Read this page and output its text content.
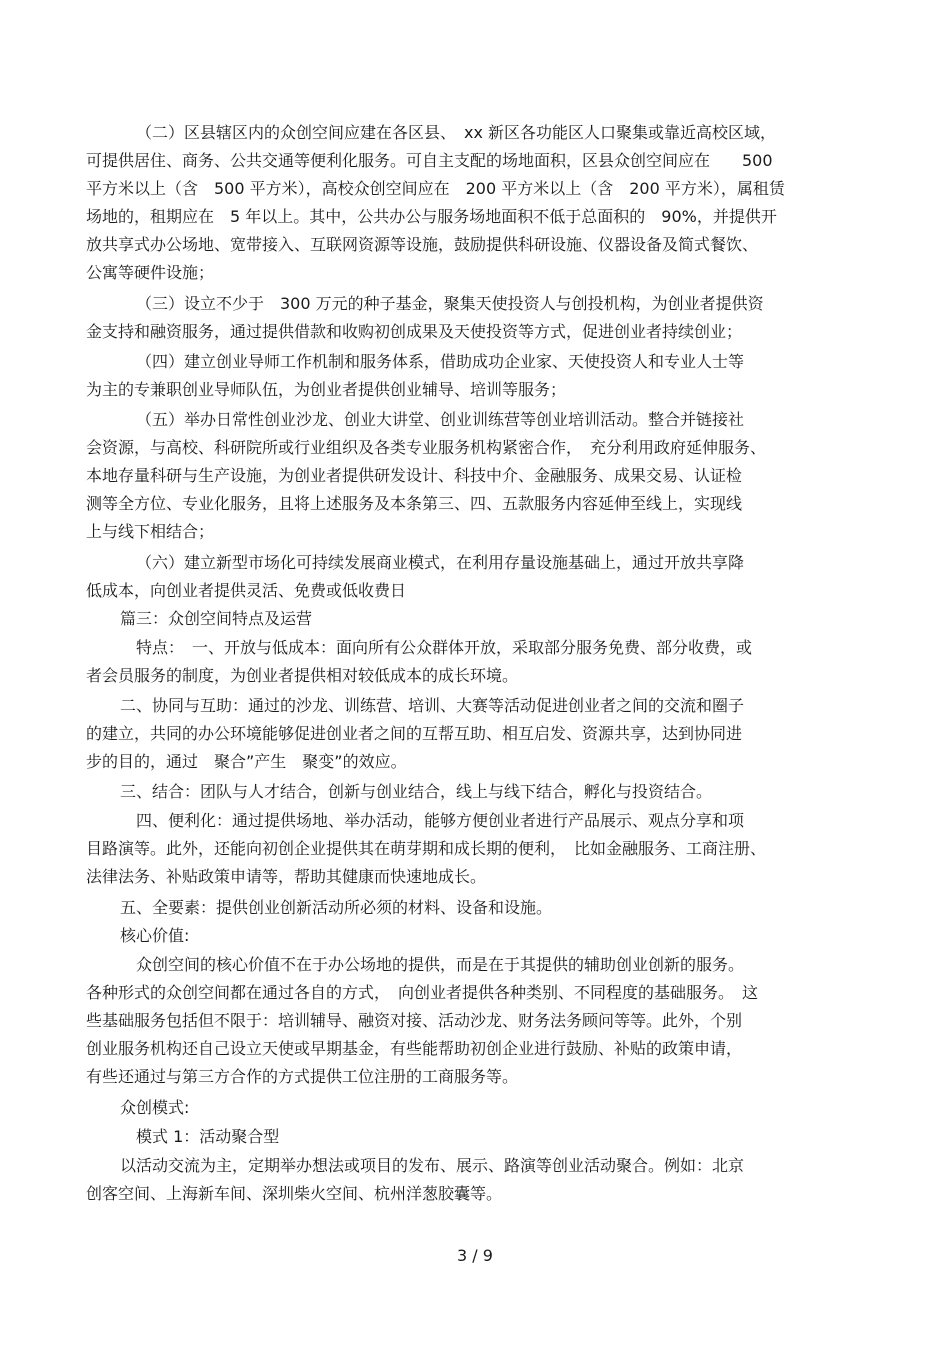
（二）区县辖区内的众创空间应建在各区县、　xx 新区各功能区人口聚集或靠近高校区域，
可提供居住、商务、公共交通等便利化服务。可自主支配的场地面积，区县众创空间应在　　500
平方米以上（含　500 平方米），高校众创空间应在　200 平方米以上（含　200 平方米），属租赁
场地的，租期应在　5 年以上。其中，公共办公与服务场地面积不低于总面积的　90%，并提供开
放共享式办公场地、宽带接入、互联网资源等设施，鼓励提供科研设施、仪器设备及简式餐饮、
公寓等硬件设施；
（三）设立不少于　300 万元的种子基金，聚集天使投资人与创投机构，为创业者提供资
金支持和融资服务，通过提供借款和收购初创成果及天使投资等方式，促进创业者持续创业；
（四）建立创业导师工作机制和服务体系，借助成功企业家、天使投资人和专业人士等
为主的专兼职创业导师队伍，为创业者提供创业辅导、培训等服务；
（五）举办日常性创业沙龙、创业大讲堂、创业训练营等创业培训活动。整合并链接社
会资源，与高校、科研院所或行业组织及各类专业服务机构紧密合作，　充分利用政府延伸服务、
本地存量科研与生产设施，为创业者提供研发设计、科技中介、金融服务、成果交易、认证检
测等全方位、专业化服务，且将上述服务及本条第三、四、五款服务内容延伸至线上，实现线
上与线下相结合；
（六）建立新型市场化可持续发展商业模式，在利用存量设施基础上，通过开放共享降
低成本，向创业者提供灵活、免费或低收费日
篇三：众创空间特点及运营
特点：　一、开放与低成本：面向所有公众群体开放，采取部分服务免费、部分收费，或
者会员服务的制度，为创业者提供相对较低成本的成长环境。
二、协同与互助：通过的沙龙、训练营、培训、大赛等活动促进创业者之间的交流和圈子
的建立，共同的办公环境能够促进创业者之间的互帮互助、相互启发、资源共享，达到协同进
步的目的，通过　聚合”产生　聚变”的效应。
三、结合：团队与人才结合，创新与创业结合，线上与线下结合，孵化与投资结合。
四、便利化：通过提供场地、举办活动，能够方便创业者进行产品展示、观点分享和项
目路演等。此外，还能向初创企业提供其在萌芽期和成长期的便利，　比如金融服务、工商注册、
法律法务、补贴政策申请等，帮助其健康而快速地成长。
五、全要素：提供创业创新活动所必须的材料、设备和设施。
核心价值:
众创空间的核心价值不在于办公场地的提供，而是在于其提供的辅助创业创新的服务。
各种形式的众创空间都在通过各自的方式，　向创业者提供各种类别、不同程度的基础服务。　这
些基础服务包括但不限于：培训辅导、融资对接、活动沙龙、财务法务顾问等等。此外，个别
创业服务机构还自己设立天使或早期基金，有些能帮助初创企业进行鼓励、补贴的政策申请，
有些还通过与第三方合作的方式提供工位注册的工商服务等。
众创模式:
模式 1：活动聚合型
以活动交流为主，定期举办想法或项目的发布、展示、路演等创业活动聚合。例如：北京
创客空间、上海新车间、深圳柴火空间、杭州洋葱胶囊等。
3 / 9
